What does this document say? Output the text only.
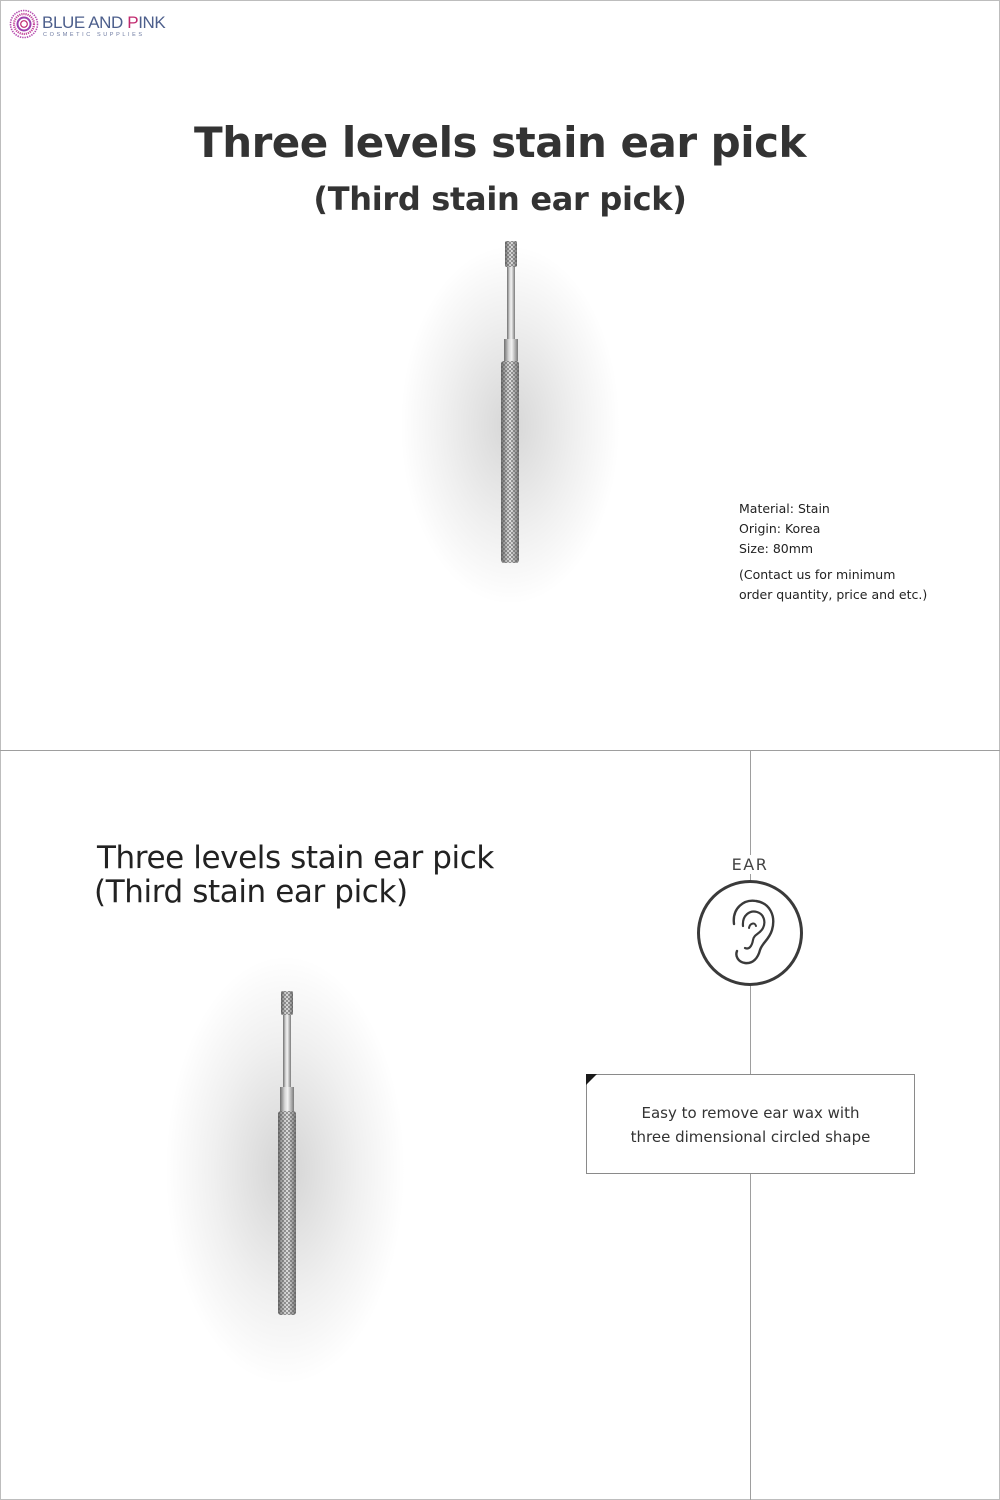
BLUE AND PINK
COSMETIC SUPPLIES
Three levels stain ear pick
(Third stain ear pick)
Material: Stain
Origin: Korea
Size: 80mm
(Contact us for minimum
order quantity, price and etc.)
Three levels stain ear pick
(Third stain ear pick)
EAR
Easy to remove ear wax with
three dimensional circled shape
